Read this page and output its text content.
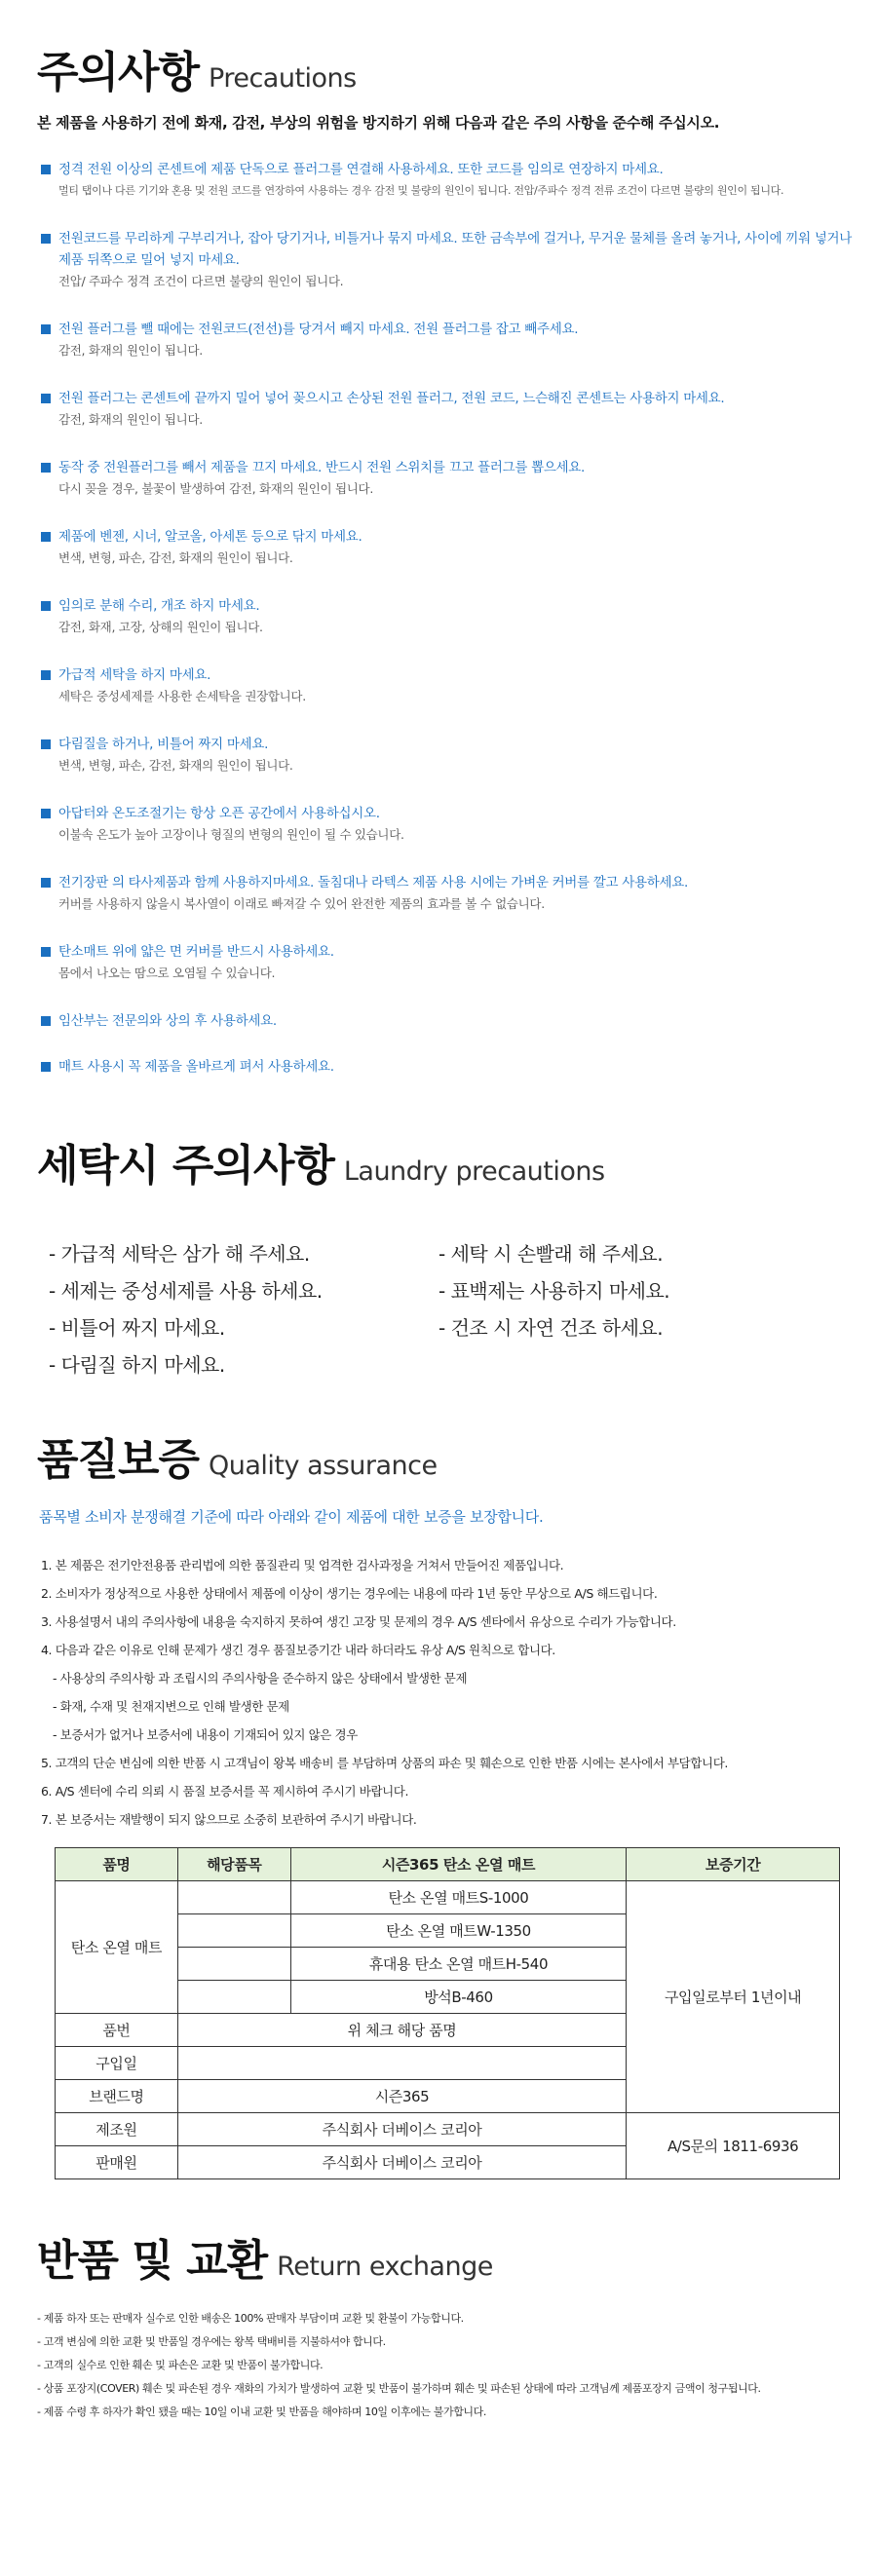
주의사항 Precautions
본 제품을 사용하기 전에 화재, 감전, 부상의 위험을 방지하기 위해 다음과 같은 주의 사항을 준수해 주십시오.
정격 전원 이상의 콘센트에 제품 단독으로 플러그를 연결해 사용하세요. 또한 코드를 임의로 연장하지 마세요.
멀티 탭이나 다른 기기와 혼용 및 전원 코드를 연장하여 사용하는 경우 감전 및 불량의 원인이 됩니다. 전압/주파수 정격 전류 조건이 다르면 불량의 원인이 됩니다.
전원코드를 무리하게 구부리거나, 잡아 당기거나, 비틀거나 묶지 마세요. 또한 금속부에 걸거나, 무거운 물체를 올려 놓거나, 사이에 끼워 넣거나 제품 뒤쪽으로 밀어 넣지 마세요.
전압/ 주파수 정격 조건이 다르면 불량의 원인이 됩니다.
전원 플러그를 뺄 때에는 전원코드(전선)를 당겨서 빼지 마세요. 전원 플러그를 잡고 빼주세요.
감전, 화재의 원인이 됩니다.
전원 플러그는 콘센트에 끝까지 밀어 넣어 꽂으시고 손상된 전원 플러그, 전원 코드, 느슨해진 콘센트는 사용하지 마세요.
감전, 화재의 원인이 됩니다.
동작 중 전원플러그를 빼서 제품을 끄지 마세요. 반드시 전원 스위치를 끄고 플러그를 뽑으세요.
다시 꽂을 경우, 불꽃이 발생하여 감전, 화재의 원인이 됩니다.
제품에 벤젠, 시너, 알코올, 아세톤 등으로 닦지 마세요.
변색, 변형, 파손, 감전, 화재의 원인이 됩니다.
임의로 분해 수리, 개조 하지 마세요.
감전, 화재, 고장, 상해의 원인이 됩니다.
가급적 세탁을 하지 마세요.
세탁은 중성세제를 사용한 손세탁을 권장합니다.
다림질을 하거나, 비틀어 짜지 마세요.
변색, 변형, 파손, 감전, 화재의 원인이 됩니다.
아답터와 온도조절기는 항상 오픈 공간에서 사용하십시오.
이불속 온도가 높아 고장이나 형질의 변형의 원인이 될 수 있습니다.
전기장판 의 타사제품과 함께 사용하지마세요. 돌침대나 라텍스 제품 사용 시에는 가벼운 커버를 깔고 사용하세요.
커버를 사용하지 않을시 복사열이 이래로 빠져갈 수 있어 완전한 제품의 효과를 볼 수 없습니다.
탄소매트 위에 얇은 면 커버를 반드시 사용하세요.
몸에서 나오는 땀으로 오염될 수 있습니다.
임산부는 전문의와 상의 후 사용하세요.
매트 사용시 꼭 제품을 올바르게 펴서 사용하세요.
세탁시 주의사항 Laundry precautions
- 가급적 세탁은 삼가 해 주세요.	- 세탁 시 손빨래 해 주세요.
- 세제는 중성세제를 사용 하세요.	- 표백제는 사용하지 마세요.
- 비틀어 짜지 마세요.	- 건조 시 자연 건조 하세요.
- 다림질 하지 마세요.
품질보증 Quality assurance
품목별 소비자 분쟁해결 기준에 따라 아래와 같이 제품에 대한 보증을 보장합니다.
1. 본 제품은 전기안전용품 관리법에 의한 품질관리 및 엄격한 검사과정을 거쳐서 만들어진 제품입니다.
2. 소비자가 정상적으로 사용한 상태에서 제품에 이상이 생기는 경우에는 내용에 따라 1년 동안 무상으로 A/S 해드립니다.
3. 사용설명서 내의 주의사항에 내용을 숙지하지 못하여 생긴 고장 및 문제의 경우 A/S 센타에서 유상으로 수리가 가능합니다.
4. 다음과 같은 이유로 인해 문제가 생긴 경우 품질보증기간 내라 하더라도 유상 A/S 원칙으로 합니다.
- 사용상의 주의사항 과 조립시의 주의사항을 준수하지 않은 상태에서 발생한 문제
- 화재, 수재 및 천재지변으로 인해 발생한 문제
- 보증서가 없거나 보증서에 내용이 기재되어 있지 않은 경우
5. 고객의 단순 변심에 의한 반품 시 고객님이 왕복 배송비 를 부담하며 상품의 파손 및 훼손으로 인한 반품 시에는 본사에서 부담합니다.
6. A/S 센터에 수리 의뢰 시 품질 보증서를 꼭 제시하여 주시기 바랍니다.
7. 본 보증서는 재발행이 되지 않으므로 소중히 보관하여 주시기 바랍니다.
품명	해당품목	시즌365 탄소 온열 매트	보증기간
탄소 온열 매트		탄소 온열 매트S-1000	구입일로부터 1년이내
		탄소 온열 매트W-1350	
		휴대용 탄소 온열 매트H-540	
		방석B-460	
품번	위 체크 해당 품명		
구입일			
브랜드명	시즌365		
제조원	주식회사 더베이스 코리아		A/S문의 1811-6936
판매원	주식회사 더베이스 코리아		
반품 및 교환 Return exchange
- 제품 하자 또는 판매자 실수로 인한 배송은 100% 판매자 부담이며 교환 및 환불이 가능합니다.
- 고객 변심에 의한 교환 및 반품일 경우에는 왕복 택배비를 지불하셔야 합니다.
- 고객의 실수로 인한 훼손 및 파손은 교환 및 반품이 불가합니다.
- 상품 포장지(COVER) 훼손 및 파손된 경우 재화의 가치가 발생하여 교환 및 반품이 불가하며 훼손 및 파손된 상태에 따라 고객님께 제품포장지 금액이 청구됩니다.
- 제품 수령 후 하자가 확인 됐을 때는 10일 이내 교환 및 반품을 해야하며 10일 이후에는 불가합니다.
